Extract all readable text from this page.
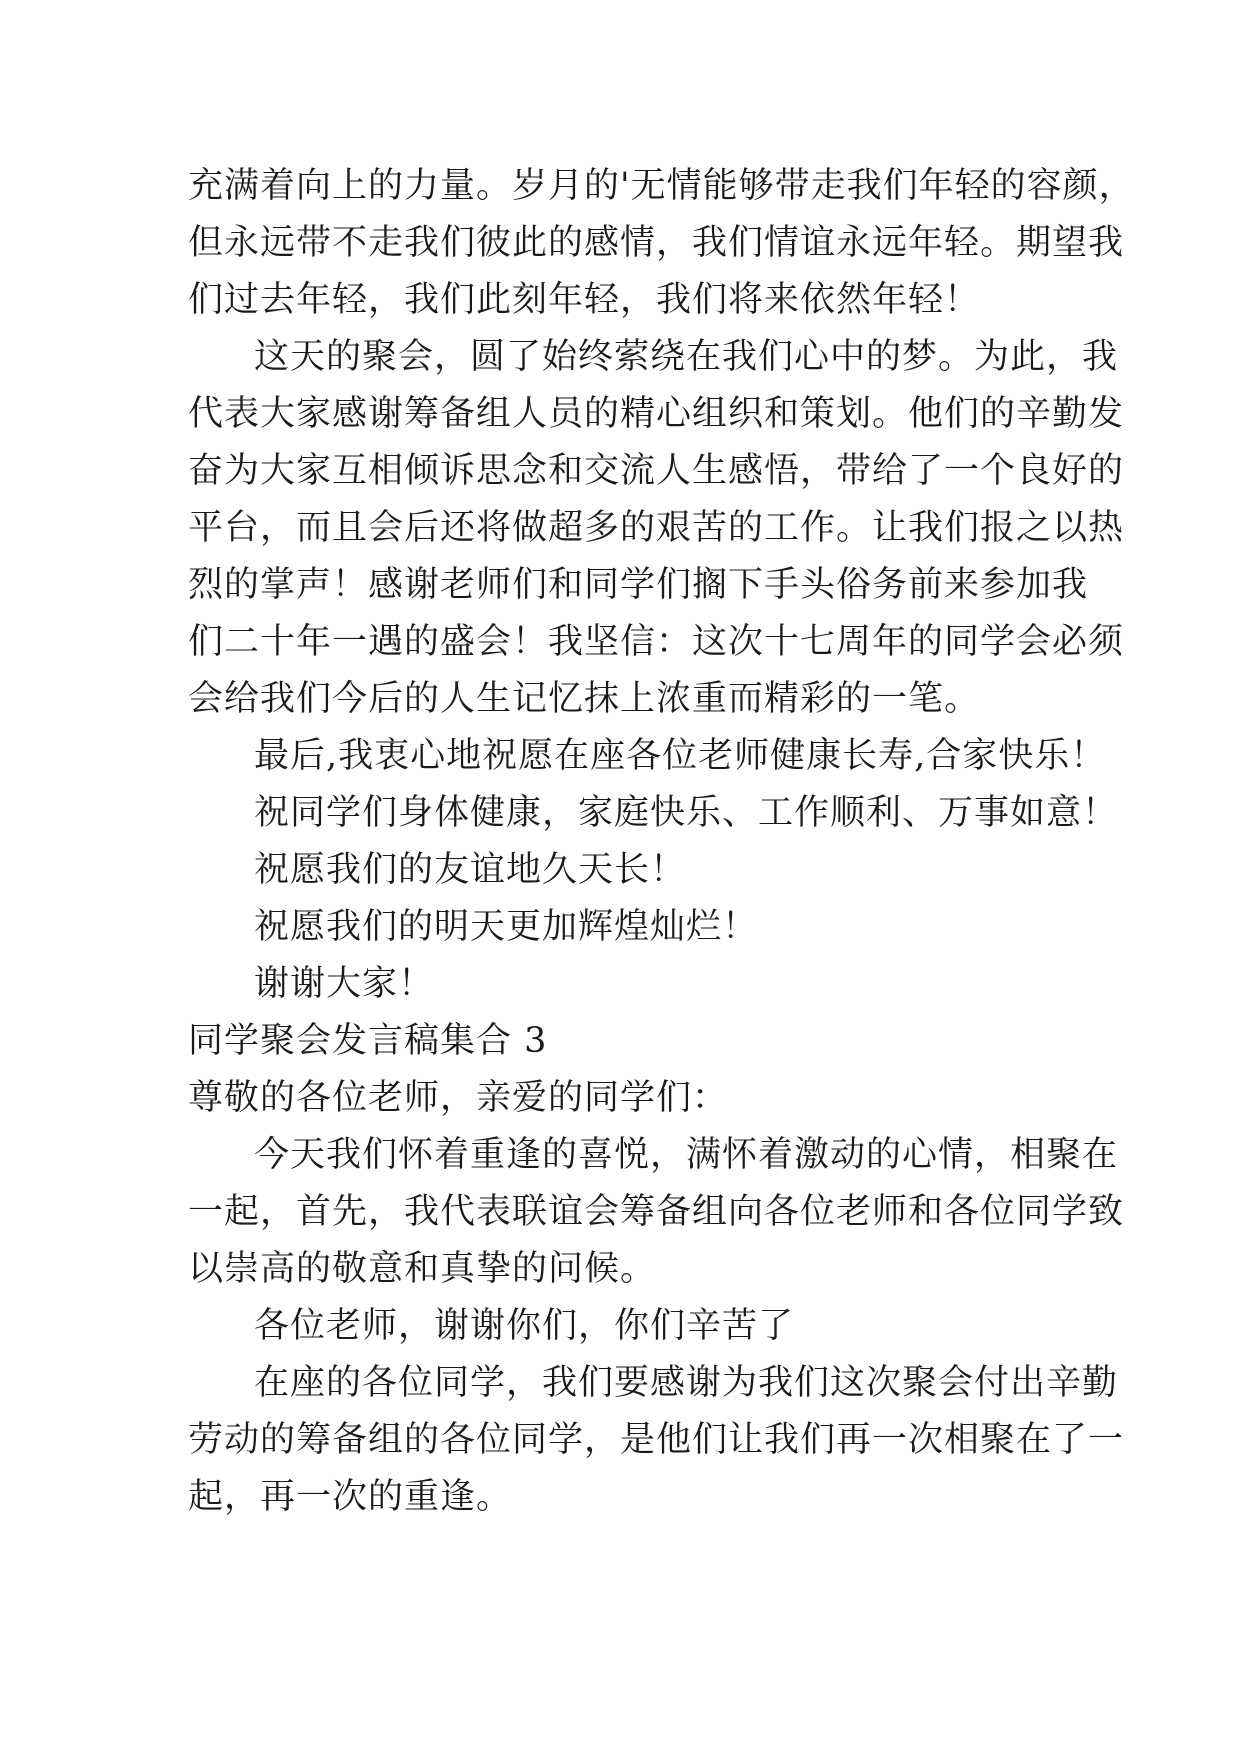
充满着向上的力量。岁月的'无情能够带走我们年轻的容颜，
但永远带不走我们彼此的感情，我们情谊永远年轻。期望我
们过去年轻，我们此刻年轻，我们将来依然年轻！
这天的聚会，圆了始终萦绕在我们心中的梦。为此，我
代表大家感谢筹备组人员的精心组织和策划。他们的辛勤发
奋为大家互相倾诉思念和交流人生感悟，带给了一个良好的
平台，而且会后还将做超多的艰苦的工作。让我们报之以热
烈的掌声！感谢老师们和同学们搁下手头俗务前来参加我
们二十年一遇的盛会！我坚信：这次十七周年的同学会必须
会给我们今后的人生记忆抹上浓重而精彩的一笔。
最后,我衷心地祝愿在座各位老师健康长寿,合家快乐！
祝同学们身体健康，家庭快乐、工作顺利、万事如意！
祝愿我们的友谊地久天长！
祝愿我们的明天更加辉煌灿烂！
谢谢大家！
同学聚会发言稿集合 3
尊敬的各位老师，亲爱的同学们：
今天我们怀着重逢的喜悦，满怀着激动的心情，相聚在
一起，首先，我代表联谊会筹备组向各位老师和各位同学致
以崇高的敬意和真挚的问候。
各位老师，谢谢你们，你们辛苦了
在座的各位同学，我们要感谢为我们这次聚会付出辛勤
劳动的筹备组的各位同学，是他们让我们再一次相聚在了一
起，再一次的重逢。
